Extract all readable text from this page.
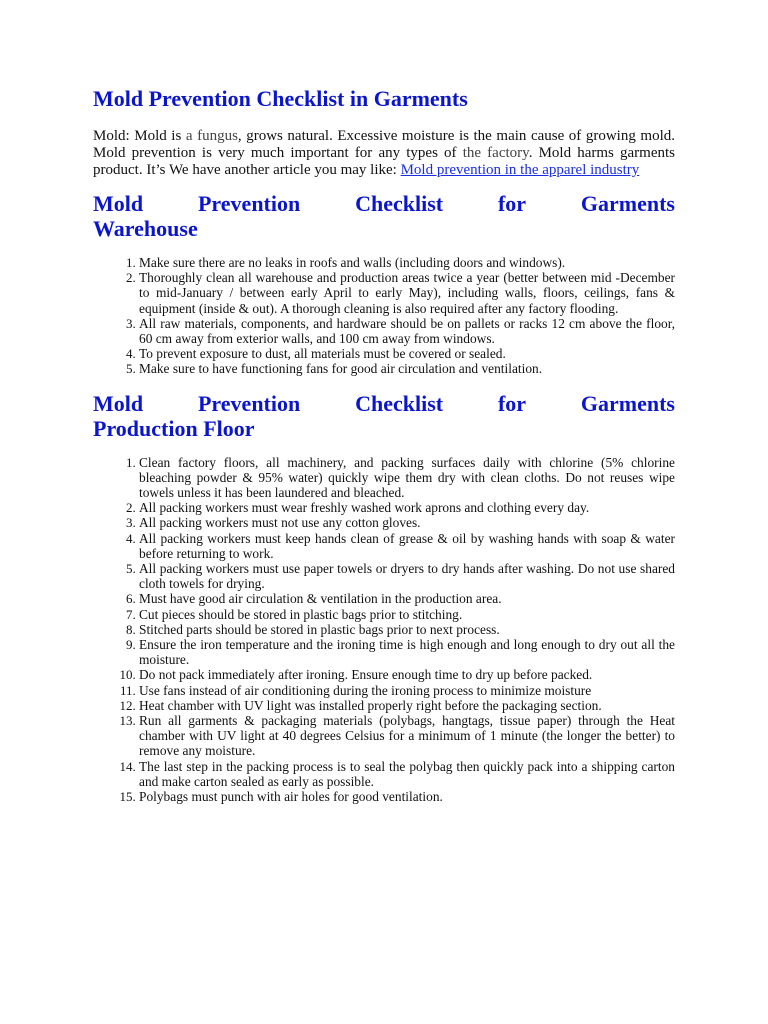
Mold Prevention Checklist in Garments

Mold: Mold is a fungus, grows natural. Excessive moisture is the main cause of growing mold. Mold prevention is very much important for any types of the factory. Mold harms garments product. It’s We have another article you may like: Mold prevention in the apparel industry

Mold Prevention Checklist for Garments
Warehouse
1. Make sure there are no leaks in roofs and walls (including doors and windows).
2. Thoroughly clean all warehouse and production areas twice a year (better between mid -December to mid-January / between early April to early May), including walls, floors, ceilings, fans & equipment (inside & out). A thorough cleaning is also required after any factory flooding.
3. All raw materials, components, and hardware should be on pallets or racks 12 cm above the floor, 60 cm away from exterior walls, and 100 cm away from windows.
4. To prevent exposure to dust, all materials must be covered or sealed.
5. Make sure to have functioning fans for good air circulation and ventilation.
Mold Prevention Checklist for Garments
Production Floor
1. Clean factory floors, all machinery, and packing surfaces daily with chlorine (5% chlorine bleaching powder & 95% water) quickly wipe them dry with clean cloths. Do not reuses wipe towels unless it has been laundered and bleached.
2. All packing workers must wear freshly washed work aprons and clothing every day.
3. All packing workers must not use any cotton gloves.
4. All packing workers must keep hands clean of grease & oil by washing hands with soap & water before returning to work.
5. All packing workers must use paper towels or dryers to dry hands after washing. Do not use shared cloth towels for drying.
6. Must have good air circulation & ventilation in the production area.
7. Cut pieces should be stored in plastic bags prior to stitching.
8. Stitched parts should be stored in plastic bags prior to next process.
9. Ensure the iron temperature and the ironing time is high enough and long enough to dry out all the moisture.
10. Do not pack immediately after ironing. Ensure enough time to dry up before packed.
11. Use fans instead of air conditioning during the ironing process to minimize moisture
12. Heat chamber with UV light was installed properly right before the packaging section.
13. Run all garments & packaging materials (polybags, hangtags, tissue paper) through the Heat chamber with UV light at 40 degrees Celsius for a minimum of 1 minute (the longer the better) to remove any moisture.
14. The last step in the packing process is to seal the polybag then quickly pack into a shipping carton and make carton sealed as early as possible.
15. Polybags must punch with air holes for good ventilation.
